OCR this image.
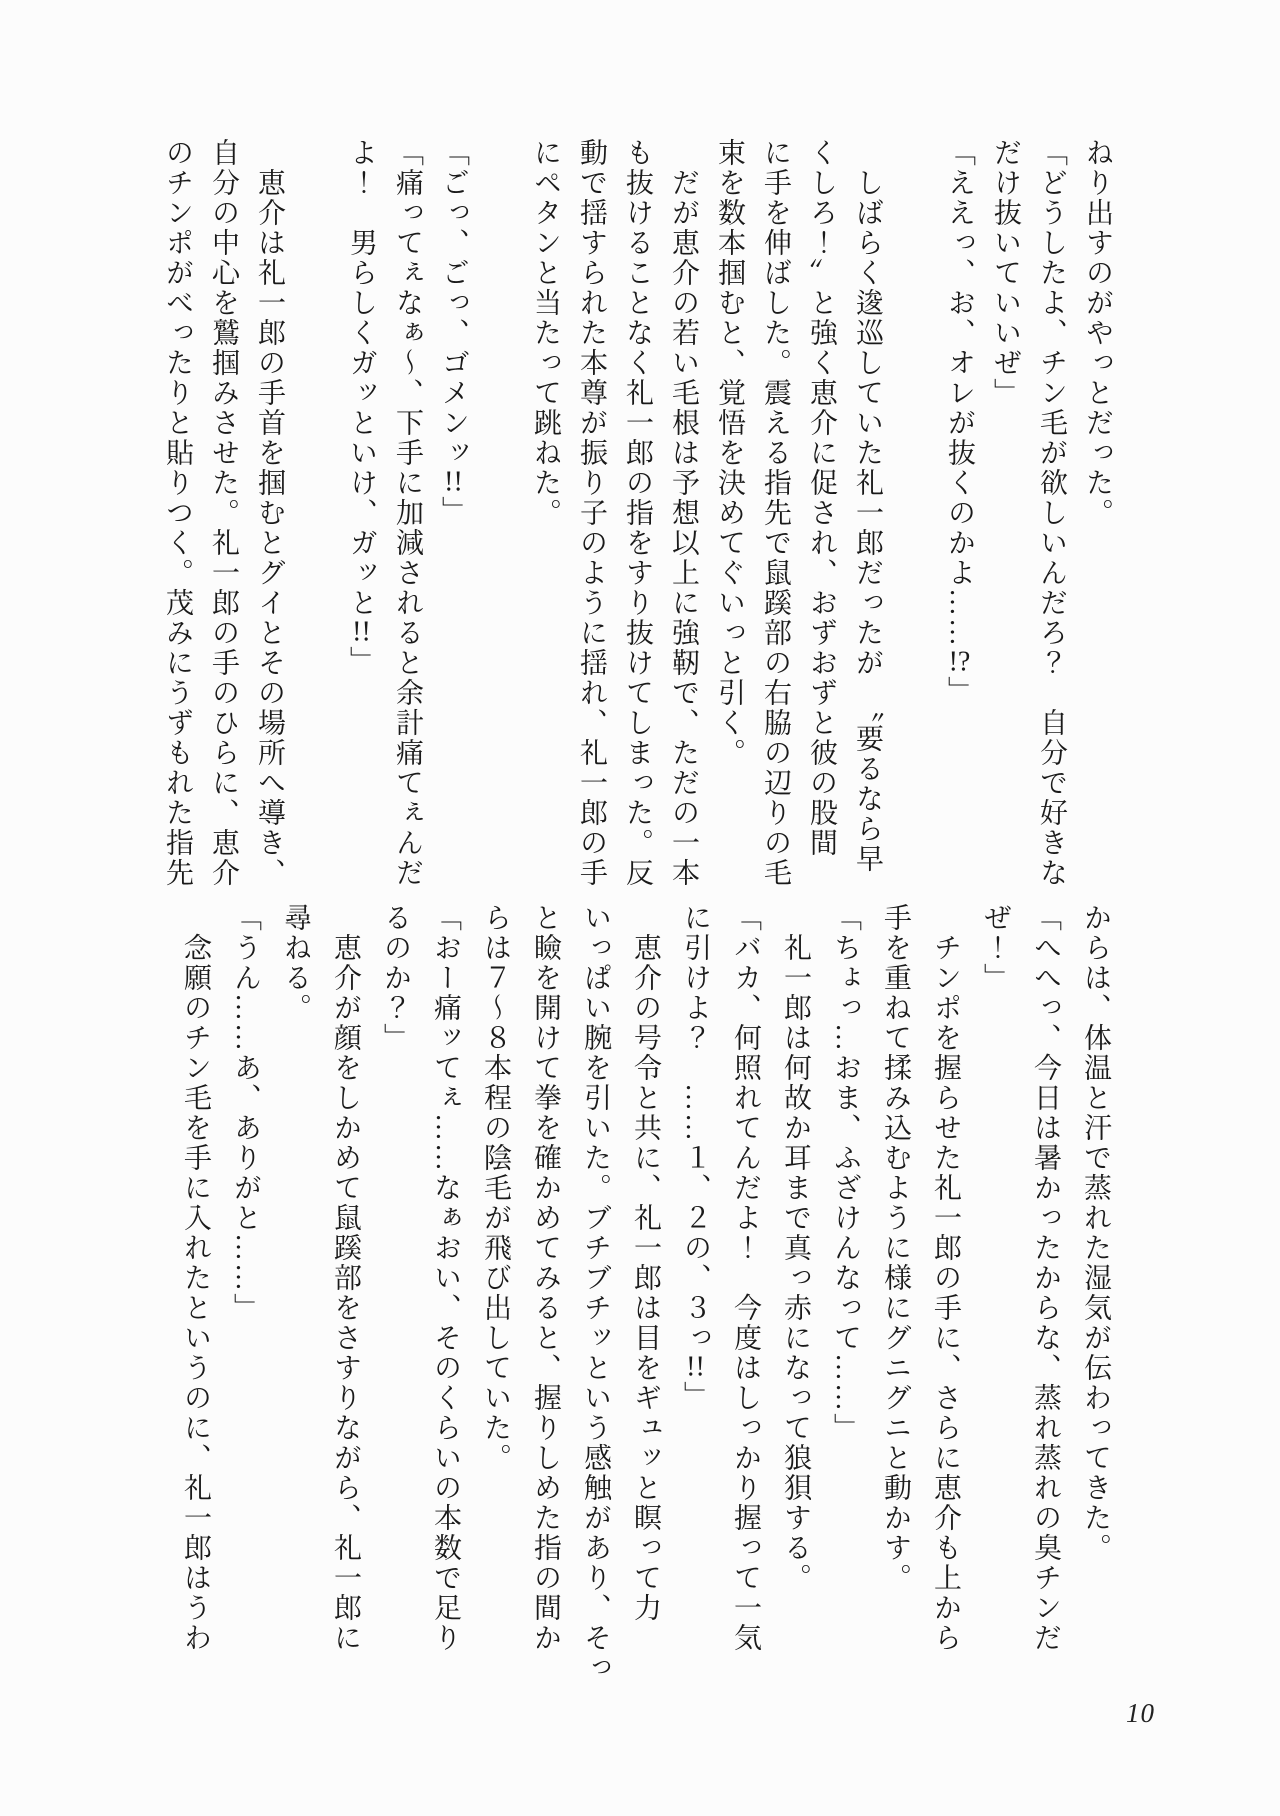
ねり出すのがやっとだった。
「どうしたよ、チン毛が欲しいんだろ？　自分で好きな
だけ抜いていいぜ」
「ええっ、お、オレが抜くのかよ……!?」

　しばらく逡巡していた礼一郎だったが　〝要るなら早
くしろ！〟と強く恵介に促され、おずおずと彼の股間
に手を伸ばした。震える指先で鼠蹊部の右脇の辺りの毛
束を数本掴むと、覚悟を決めてぐいっと引く。
　だが恵介の若い毛根は予想以上に強靭で、ただの一本
も抜けることなく礼一郎の指をすり抜けてしまった。反
動で揺すられた本尊が振り子のように揺れ、礼一郎の手
にペタンと当たって跳ねた。

「ごっ、ごっ、ゴメンッ!!」
「痛ってぇなぁ～、下手に加減されると余計痛てぇんだ
よ！　男らしくガッといけ、ガッと!!」

　恵介は礼一郎の手首を掴むとグイとその場所へ導き、
自分の中心を鷲掴みさせた。礼一郎の手のひらに、恵介
のチンポがべったりと貼りつく。茂みにうずもれた指先
からは、体温と汗で蒸れた湿気が伝わってきた。
「へへっ、今日は暑かったからな、蒸れ蒸れの臭チンだ
ぜ！」
　チンポを握らせた礼一郎の手に、さらに恵介も上から
手を重ねて揉み込むように様にグニグニと動かす。
「ちょっ…おま、ふざけんなって……」
　礼一郎は何故か耳まで真っ赤になって狼狽する。
「バカ、何照れてんだよ！　今度はしっかり握って一気
に引けよ？　……１、２の、３っ!!」
　恵介の号令と共に、礼一郎は目をギュッと瞑って力
いっぱい腕を引いた。ブチブチッという感触があり、そっ
と瞼を開けて拳を確かめてみると、握りしめた指の間か
らは７～８本程の陰毛が飛び出していた。
「おー痛ッてぇ……なぁおい、そのくらいの本数で足り
るのか？」
　恵介が顔をしかめて鼠蹊部をさすりながら、礼一郎に
尋ねる。
「うん……あ、ありがと……」
　念願のチン毛を手に入れたというのに、礼一郎はうわ
10
